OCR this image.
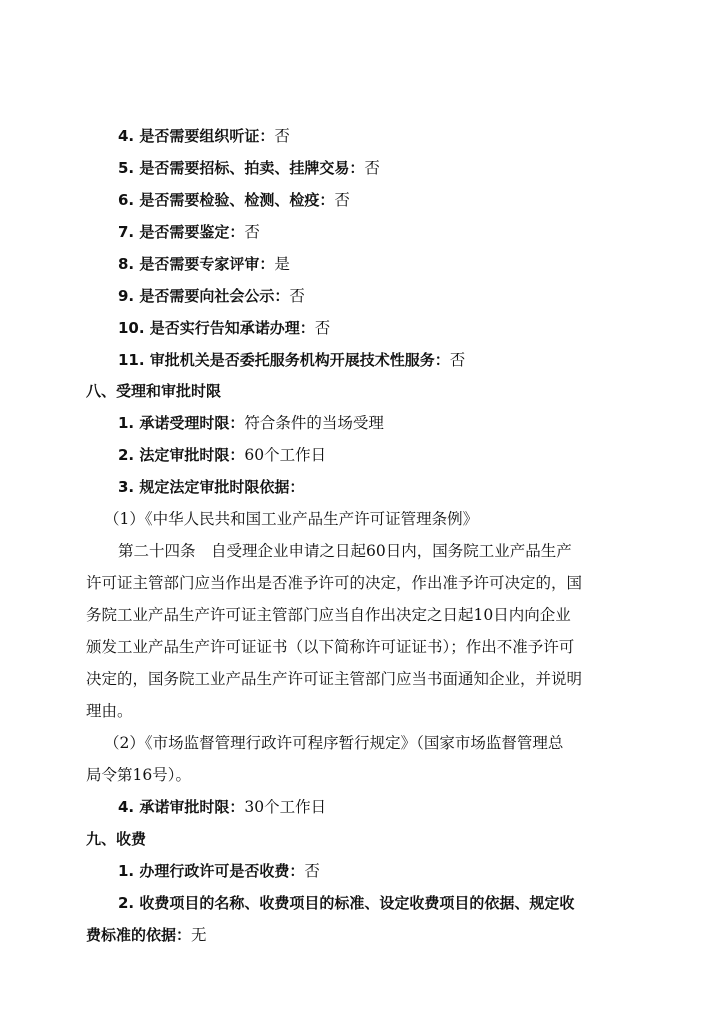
4. 是否需要组织听证：否
5. 是否需要招标、拍卖、挂牌交易：否
6. 是否需要检验、检测、检疫：否
7. 是否需要鉴定：否
8. 是否需要专家评审：是
9. 是否需要向社会公示：否
10. 是否实行告知承诺办理：否
11. 审批机关是否委托服务机构开展技术性服务：否
八、受理和审批时限
1. 承诺受理时限：符合条件的当场受理
2. 法定审批时限：60个工作日
3. 规定法定审批时限依据：
（1）《中华人民共和国工业产品生产许可证管理条例》
第二十四条　自受理企业申请之日起60日内，国务院工业产品生产
许可证主管部门应当作出是否准予许可的决定，作出准予许可决定的，国
务院工业产品生产许可证主管部门应当自作出决定之日起10日内向企业
颁发工业产品生产许可证证书（以下简称许可证证书）；作出不准予许可
决定的，国务院工业产品生产许可证主管部门应当书面通知企业，并说明
理由。
（2）《市场监督管理行政许可程序暂行规定》（国家市场监督管理总
局令第16号）。
4. 承诺审批时限：30个工作日
九、收费
1. 办理行政许可是否收费：否
2. 收费项目的名称、收费项目的标准、设定收费项目的依据、规定收
费标准的依据：无
